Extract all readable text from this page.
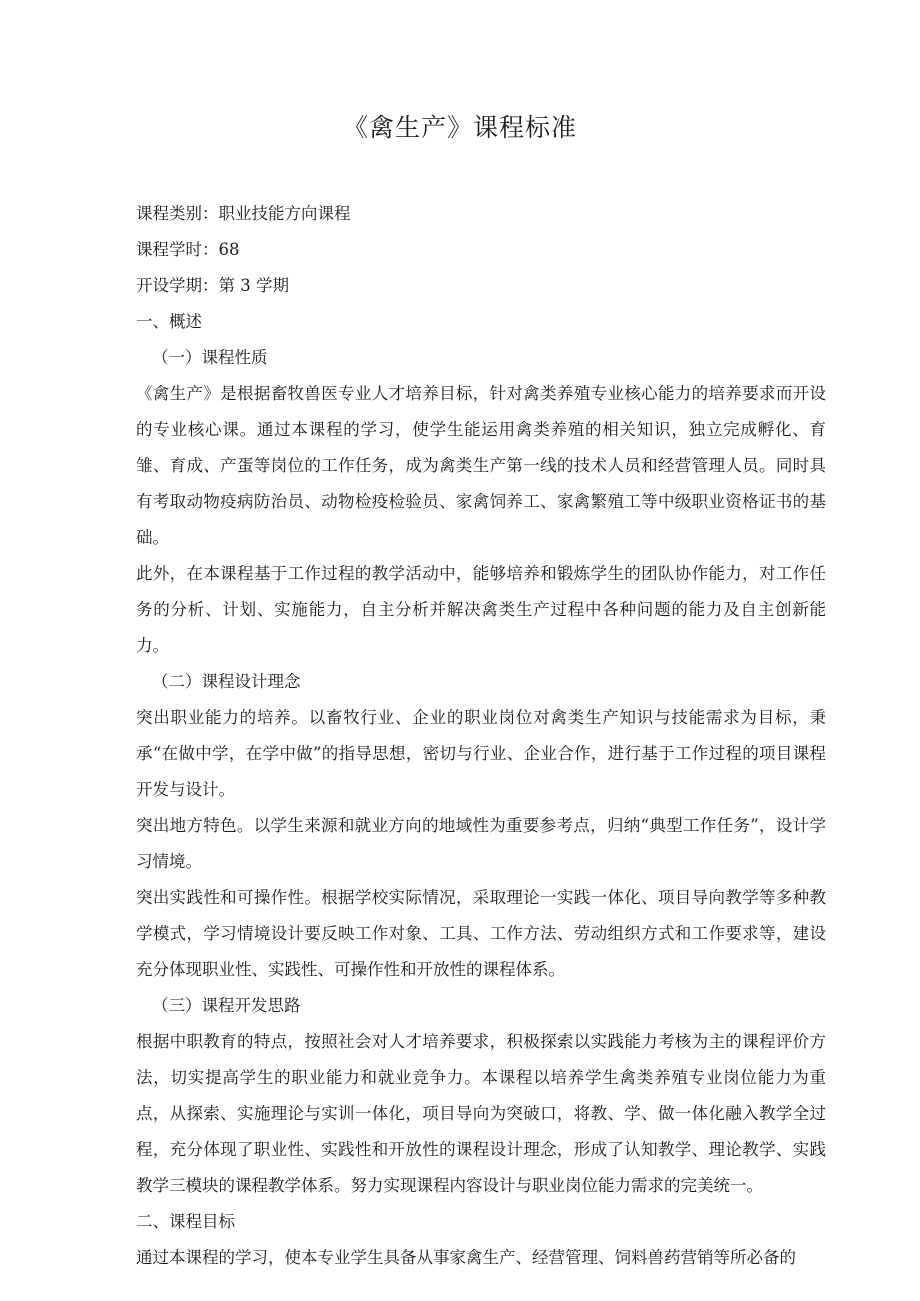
《禽生产》课程标准

课程类别：职业技能方向课程

课程学时：68

开设学期：第 3 学期

一、概述

（一）课程性质

《禽生产》是根据畜牧兽医专业人才培养目标，针对禽类养殖专业核心能力的培养要求而开设的专业核心课。通过本课程的学习，使学生能运用禽类养殖的相关知识，独立完成孵化、育雏、育成、产蛋等岗位的工作任务，成为禽类生产第一线的技术人员和经营管理人员。同时具有考取动物疫病防治员、动物检疫检验员、家禽饲养工、家禽繁殖工等中级职业资格证书的基础。

此外，在本课程基于工作过程的教学活动中，能够培养和锻炼学生的团队协作能力，对工作任务的分析、计划、实施能力，自主分析并解决禽类生产过程中各种问题的能力及自主创新能力。

（二）课程设计理念

突出职业能力的培养。以畜牧行业、企业的职业岗位对禽类生产知识与技能需求为目标，秉承“在做中学，在学中做”的指导思想，密切与行业、企业合作，进行基于工作过程的项目课程开发与设计。

突出地方特色。以学生来源和就业方向的地域性为重要参考点，归纳“典型工作任务”，设计学习情境。

突出实践性和可操作性。根据学校实际情况，采取理论一实践一体化、项目导向教学等多种教学模式，学习情境设计要反映工作对象、工具、工作方法、劳动组织方式和工作要求等，建设充分体现职业性、实践性、可操作性和开放性的课程体系。

（三）课程开发思路

根据中职教育的特点，按照社会对人才培养要求，积极探索以实践能力考核为主的课程评价方法，切实提高学生的职业能力和就业竞争力。本课程以培养学生禽类养殖专业岗位能力为重点，从探索、实施理论与实训一体化，项目导向为突破口，将教、学、做一体化融入教学全过程，充分体现了职业性、实践性和开放性的课程设计理念，形成了认知教学、理论教学、实践教学三模块的课程教学体系。努力实现课程内容设计与职业岗位能力需求的完美统一。

二、课程目标

通过本课程的学习，使本专业学生具备从事家禽生产、经营管理、饲料兽药营销等所必备的
